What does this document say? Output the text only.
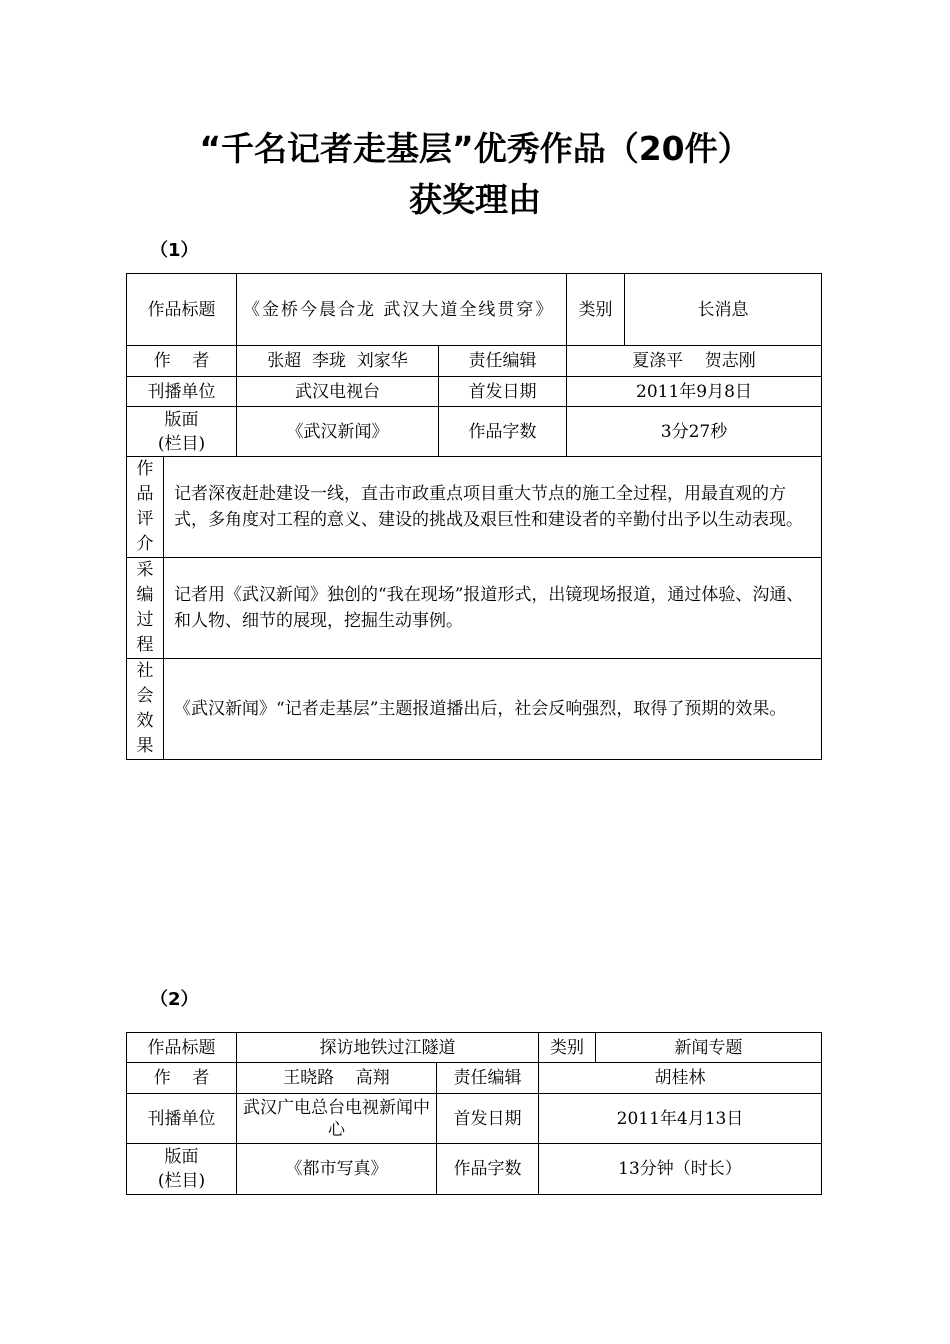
“千名记者走基层”优秀作品（20件）
获奖理由
（1）
作品标题		《金桥今晨合龙 武汉大道全线贯穿》		类别	长消息
作    者		张超  李珑  刘家华	责任编辑	夏涤平    贺志刚	
刊播单位		武汉电视台	首发日期	2011年9月8日	

版面
(栏目)		《武汉新闻》	作品字数	3分27秒	

作品评介	记者深夜赶赴建设一线，直击市政重点项目重大节点的施工全过程，用最直观的方式，多角度对工程的意义、建设的挑战及艰巨性和建设者的辛勤付出予以生动表现。				

采编过程	记者用《武汉新闻》独创的“我在现场”报道形式，出镜现场报道，通过体验、沟通、和人物、细节的展现，挖掘生动事例。				

社会效果	《武汉新闻》“记者走基层”主题报道播出后，社会反响强烈，取得了预期的效果。				
（2）
作品标题	探访地铁过江隧道		类别	新闻专题
作    者	王晓路    高翔	责任编辑	胡桂林	
刊播单位	武汉广电总台电视新闻中心	首发日期	2011年4月13日	

版面
(栏目)	《都市写真》	作品字数	13分钟（时长）	
